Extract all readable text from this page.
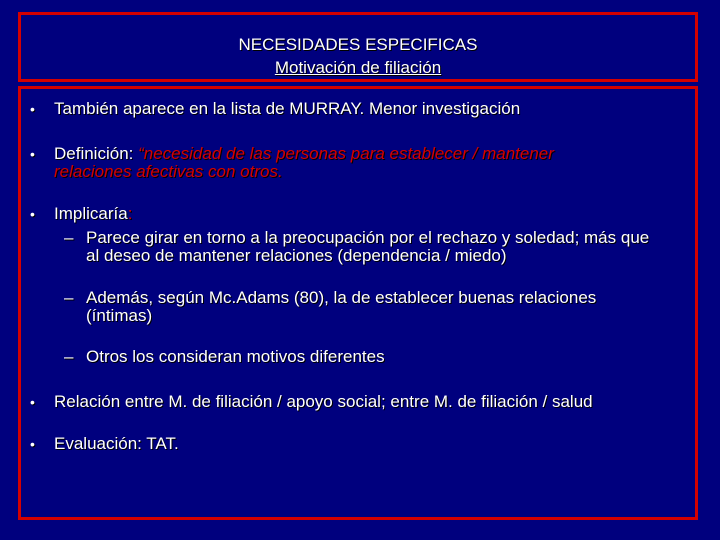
NECESIDADES ESPECIFICAS
Motivación de filiación
• También aparece en la lista de MURRAY. Menor investigación
• Definición: “necesidad de las personas para establecer / mantener
relaciones afectivas con otros.
• Implicaría:
– Parece girar en torno a la preocupación por el rechazo y soledad; más que
al deseo de mantener relaciones (dependencia / miedo)
– Además, según Mc.Adams (80), la de establecer buenas relaciones
(íntimas)
– Otros los consideran motivos diferentes
• Relación entre M. de filiación / apoyo social; entre M. de filiación / salud
• Evaluación: TAT.
